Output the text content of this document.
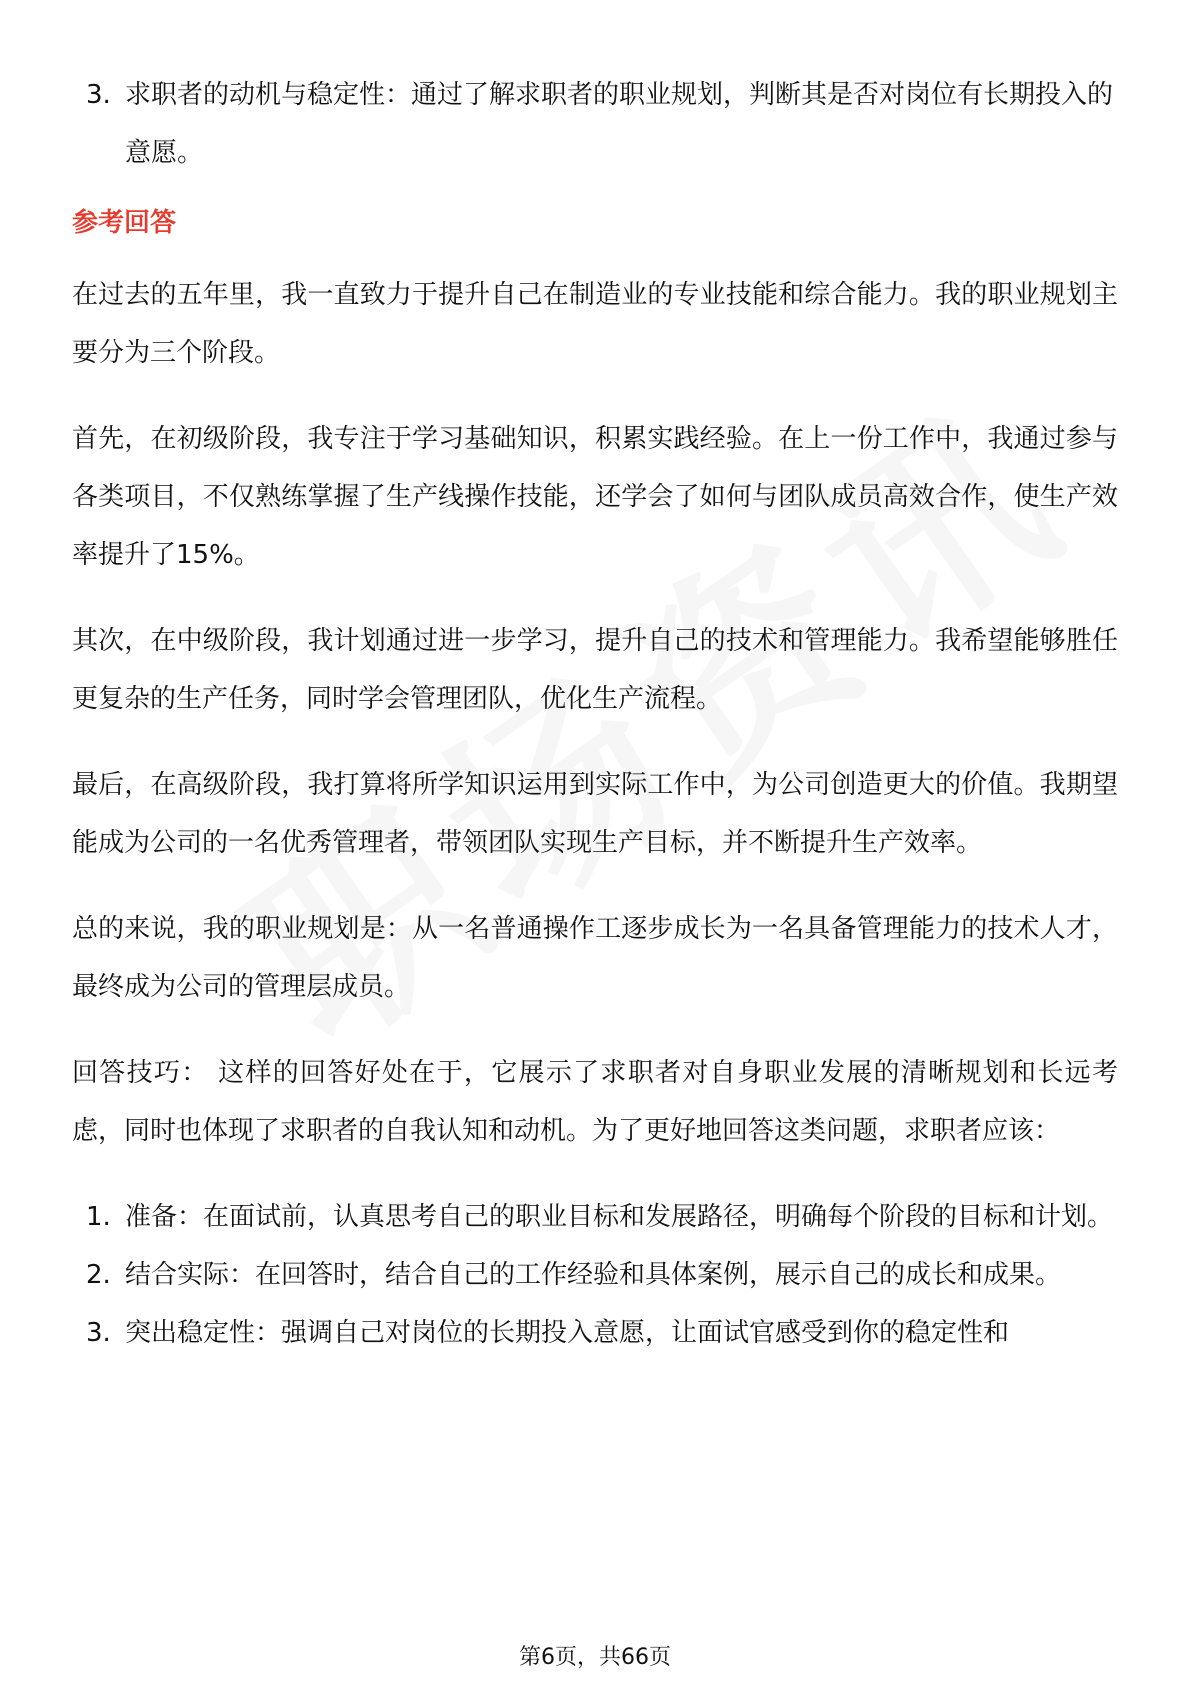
3. 求职者的动机与稳定性：通过了解求职者的职业规划，判断其是否对岗位有长期投入的意愿。
参考回答

在过去的五年里，我一直致力于提升自己在制造业的专业技能和综合能力。我的职业规划主要分为三个阶段。

首先，在初级阶段，我专注于学习基础知识，积累实践经验。在上一份工作中，我通过参与各类项目，不仅熟练掌握了生产线操作技能，还学会了如何与团队成员高效合作，使生产效率提升了15%。

其次，在中级阶段，我计划通过进一步学习，提升自己的技术和管理能力。我希望能够胜任更复杂的生产任务，同时学会管理团队，优化生产流程。

最后，在高级阶段，我打算将所学知识运用到实际工作中，为公司创造更大的价值。我期望能成为公司的一名优秀管理者，带领团队实现生产目标，并不断提升生产效率。

总的来说，我的职业规划是：从一名普通操作工逐步成长为一名具备管理能力的技术人才，最终成为公司的管理层成员。

回答技巧： 这样的回答好处在于，它展示了求职者对自身职业发展的清晰规划和长远考虑，同时也体现了求职者的自我认知和动机。为了更好地回答这类问题，求职者应该：

1. 准备：在面试前，认真思考自己的职业目标和发展路径，明确每个阶段的目标和计划。
2. 结合实际：在回答时，结合自己的工作经验和具体案例，展示自己的成长和成果。
3. 突出稳定性：强调自己对岗位的长期投入意愿，让面试官感受到你的稳定性和
第6页，共66页
